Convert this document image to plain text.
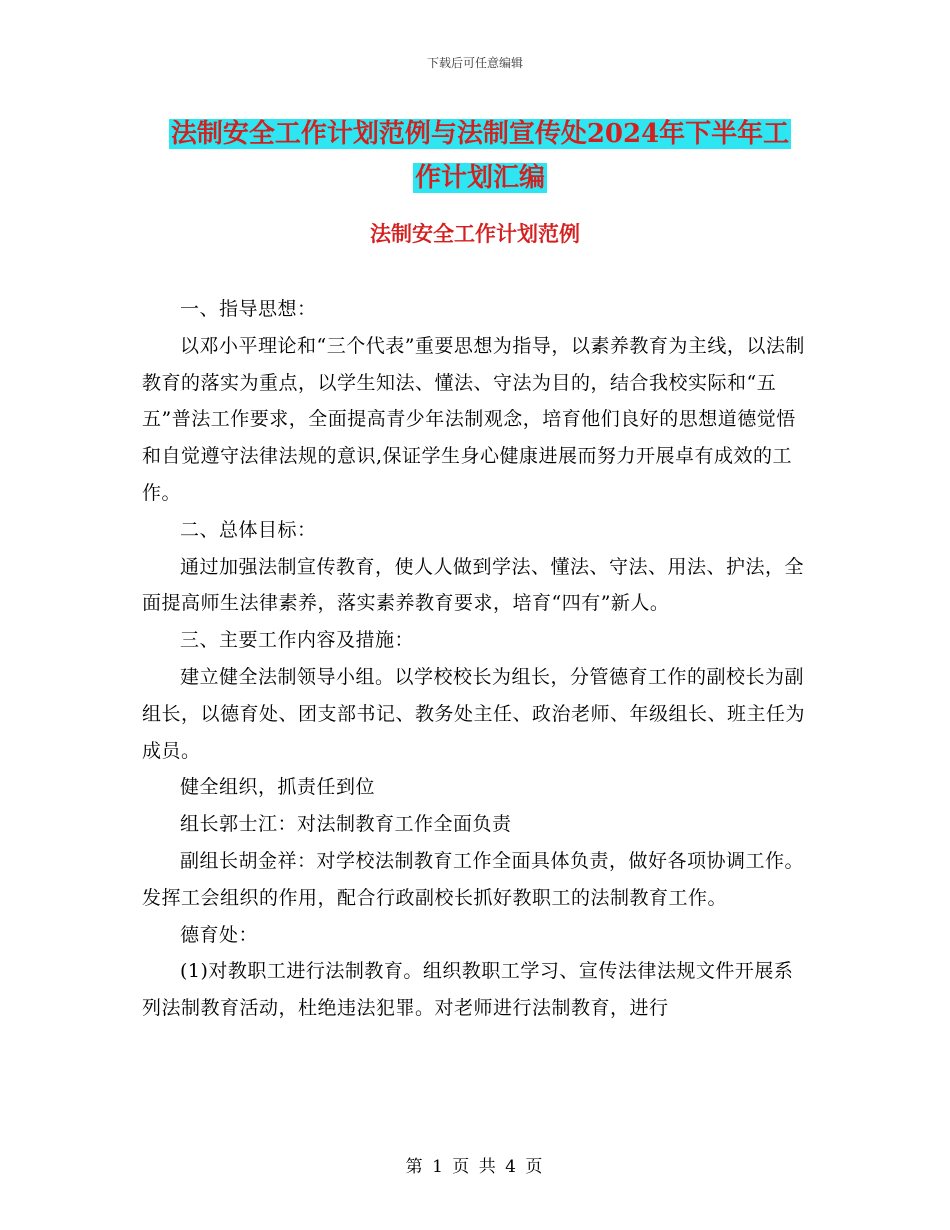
下载后可任意编辑
法制安全工作计划范例与法制宣传处2024年下半年工
作计划汇编
法制安全工作计划范例

一、指导思想：

以邓小平理论和“三个代表”重要思想为指导，以素养教育为主线，以法制教育的落实为重点，以学生知法、懂法、守法为目的，结合我校实际和“五五”普法工作要求，全面提高青少年法制观念，培育他们良好的思想道德觉悟和自觉遵守法律法规的意识,保证学生身心健康进展而努力开展卓有成效的工作。

二、总体目标：

通过加强法制宣传教育，使人人做到学法、懂法、守法、用法、护法，全面提高师生法律素养，落实素养教育要求，培育“四有”新人。

三、主要工作内容及措施：

建立健全法制领导小组。以学校校长为组长，分管德育工作的副校长为副组长，以德育处、团支部书记、教务处主任、政治老师、年级组长、班主任为成员。

健全组织，抓责任到位

组长郭士江：对法制教育工作全面负责

副组长胡金祥：对学校法制教育工作全面具体负责，做好各项协调工作。发挥工会组织的作用，配合行政副校长抓好教职工的法制教育工作。

德育处：

(1)对教职工进行法制教育。组织教职工学习、宣传法律法规文件开展系列法制教育活动，杜绝违法犯罪。对老师进行法制教育，进行

第 1 页 共 4 页
